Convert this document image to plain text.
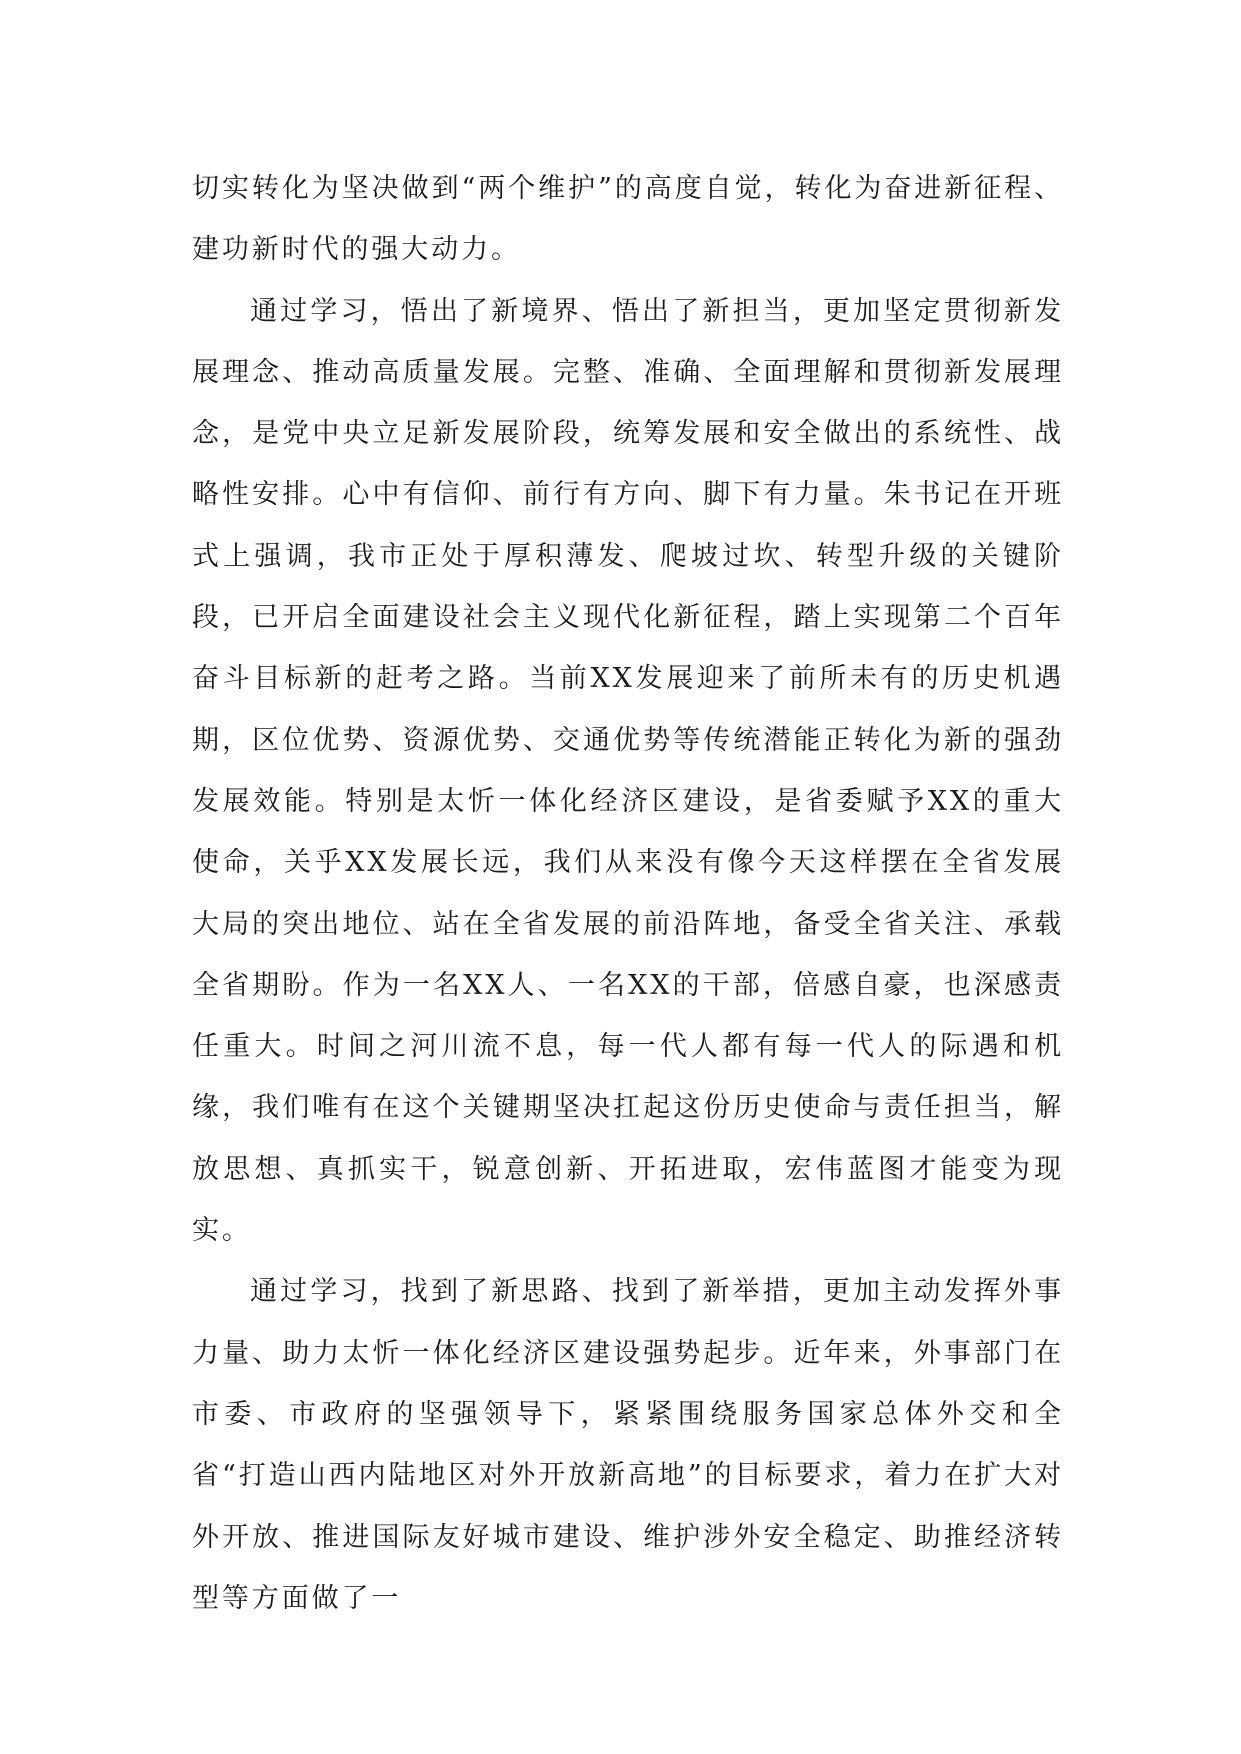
切实转化为坚决做到“两个维护”的高度自觉，转化为奋进新征程、建功新时代的强大动力。

通过学习，悟出了新境界、悟出了新担当，更加坚定贯彻新发展理念、推动高质量发展。完整、准确、全面理解和贯彻新发展理念，是党中央立足新发展阶段，统筹发展和安全做出的系统性、战略性安排。心中有信仰、前行有方向、脚下有力量。朱书记在开班式上强调，我市正处于厚积薄发、爬坡过坎、转型升级的关键阶段，已开启全面建设社会主义现代化新征程，踏上实现第二个百年奋斗目标新的赶考之路。当前XX发展迎来了前所未有的历史机遇期，区位优势、资源优势、交通优势等传统潜能正转化为新的强劲发展效能。特别是太忻一体化经济区建设，是省委赋予XX的重大使命，关乎XX发展长远，我们从来没有像今天这样摆在全省发展大局的突出地位、站在全省发展的前沿阵地，备受全省关注、承载全省期盼。作为一名XX人、一名XX的干部，倍感自豪，也深感责任重大。时间之河川流不息，每一代人都有每一代人的际遇和机缘，我们唯有在这个关键期坚决扛起这份历史使命与责任担当，解放思想、真抓实干，锐意创新、开拓进取，宏伟蓝图才能变为现实。

通过学习，找到了新思路、找到了新举措，更加主动发挥外事力量、助力太忻一体化经济区建设强势起步。近年来，外事部门在市委、市政府的坚强领导下，紧紧围绕服务国家总体外交和全省“打造山西内陆地区对外开放新高地”的目标要求，着力在扩大对外开放、推进国际友好城市建设、维护涉外安全稳定、助推经济转型等方面做了一
